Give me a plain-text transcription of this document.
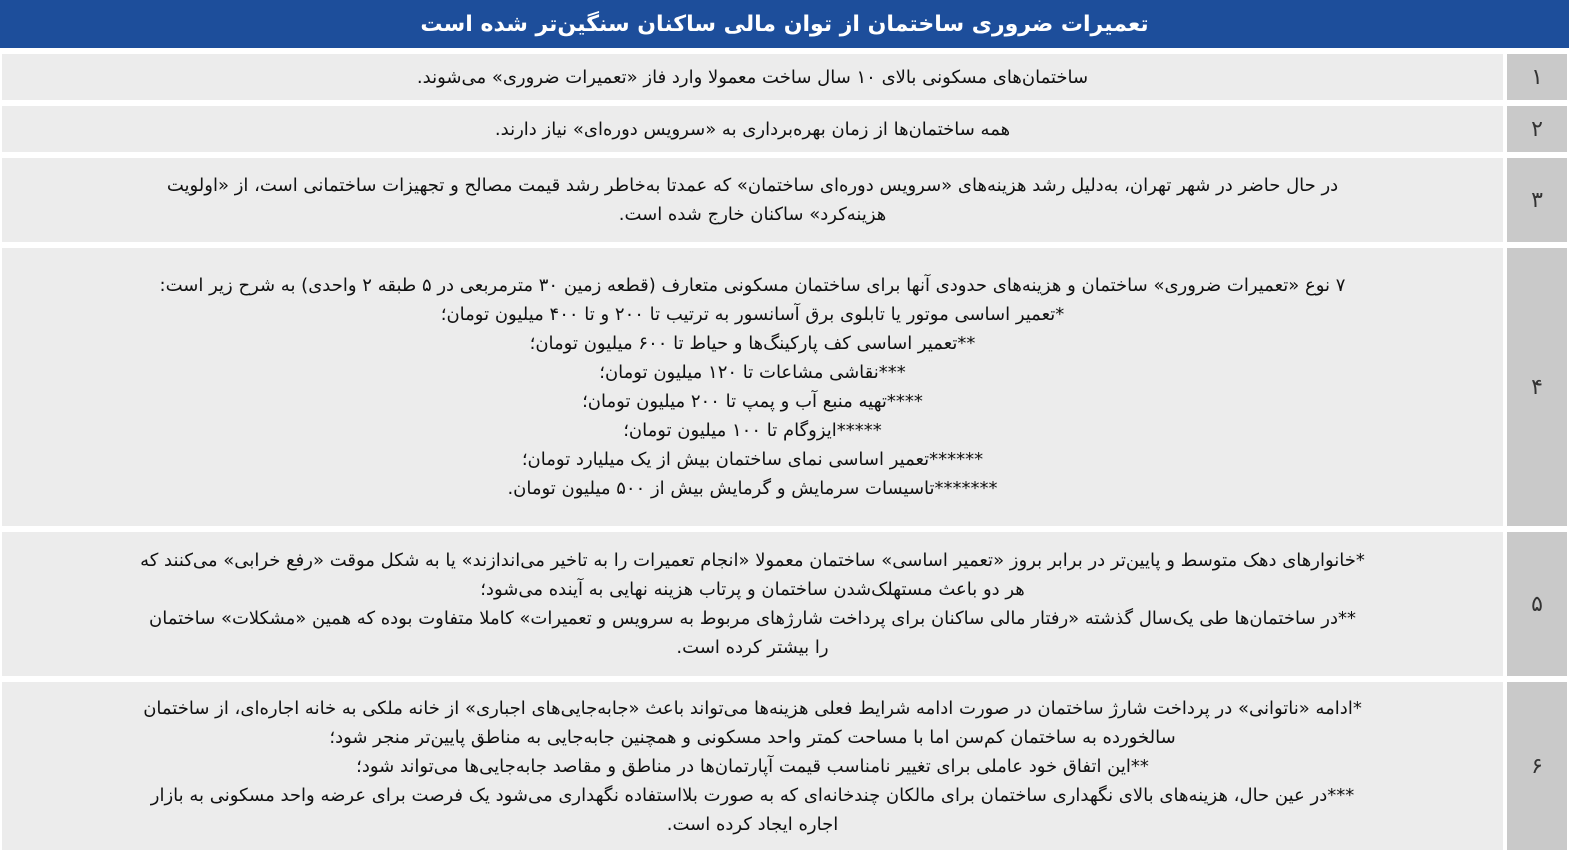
تعمیرات ضروری ساختمان از توان مالی ساکنان سنگین‌تر شده است
ساختمان‌های مسکونی بالای ۱۰ سال ساخت معمولا وارد فاز «تعمیرات ضروری» می‌شوند.	۱
همه ساختمان‌ها از زمان بهره‌برداری به «سرویس دوره‌ای» نیاز دارند.	۲
در حال حاضر در شهر تهران، به‌دلیل رشد هزینه‌های «سرویس دوره‌ای ساختمان» که عمدتا به‌خاطر رشد قیمت مصالح و تجهیزات ساختمانی است، از «اولویت
هزینه‌کرد» ساکنان خارج شده است.
۳
۷ نوع «تعمیرات ضروری» ساختمان و هزینه‌های حدودی آنها برای ساختمان مسکونی متعارف (قطعه زمین ۳۰ مترمربعی در ۵ طبقه ۲ واحدی) به شرح زیر است:
*تعمیر اساسی موتور یا تابلوی برق آسانسور به ترتیب تا ۲۰۰ و تا ۴۰۰ میلیون تومان؛
**تعمیر اساسی کف پارکینگ‌ها و حیاط تا ۶۰۰ میلیون تومان؛
***نقاشی مشاعات تا ۱۲۰ میلیون تومان؛
****تهیه منبع آب و پمپ تا ۲۰۰ میلیون تومان؛
*****ایزوگام تا ۱۰۰ میلیون تومان؛
******تعمیر اساسی نمای ساختمان بیش از یک میلیارد تومان؛
*******تاسیسات سرمایش و گرمایش بیش از ۵۰۰ میلیون تومان.
۴
*خانوارهای دهک متوسط و پایین‌تر در برابر بروز «تعمیر اساسی» ساختمان معمولا «انجام تعمیرات را به تاخیر می‌اندازند» یا به شکل موقت «رفع خرابی» می‌کنند که
هر دو باعث مستهلک‌شدن ساختمان و پرتاب هزینه نهایی به آینده می‌شود؛
**در ساختمان‌ها طی یک‌سال گذشته «رفتار مالی ساکنان برای پرداخت شارژهای مربوط به سرویس و تعمیرات» کاملا متفاوت بوده که همین «مشکلات» ساختمان
را بیشتر کرده است.
۵
*ادامه «ناتوانی» در پرداخت شارژ ساختمان در صورت ادامه شرایط فعلی هزینه‌ها می‌تواند باعث «جابه‌جایی‌های اجباری» از خانه ملکی به خانه اجاره‌ای، از ساختمان
سالخورده به ساختمان کم‌سن اما با مساحت کمتر واحد مسکونی و همچنین جابه‌جایی به مناطق پایین‌تر منجر شود؛
**این اتفاق خود عاملی برای تغییر نامناسب قیمت آپارتمان‌ها در مناطق و مقاصد جابه‌جایی‌ها می‌تواند شود؛
***در عین حال، هزینه‌های بالای نگهداری ساختمان برای مالکان چندخانه‌ای که به صورت بلااستفاده نگهداری می‌شود یک فرصت برای عرضه واحد مسکونی به بازار
اجاره ایجاد کرده است.
۶
